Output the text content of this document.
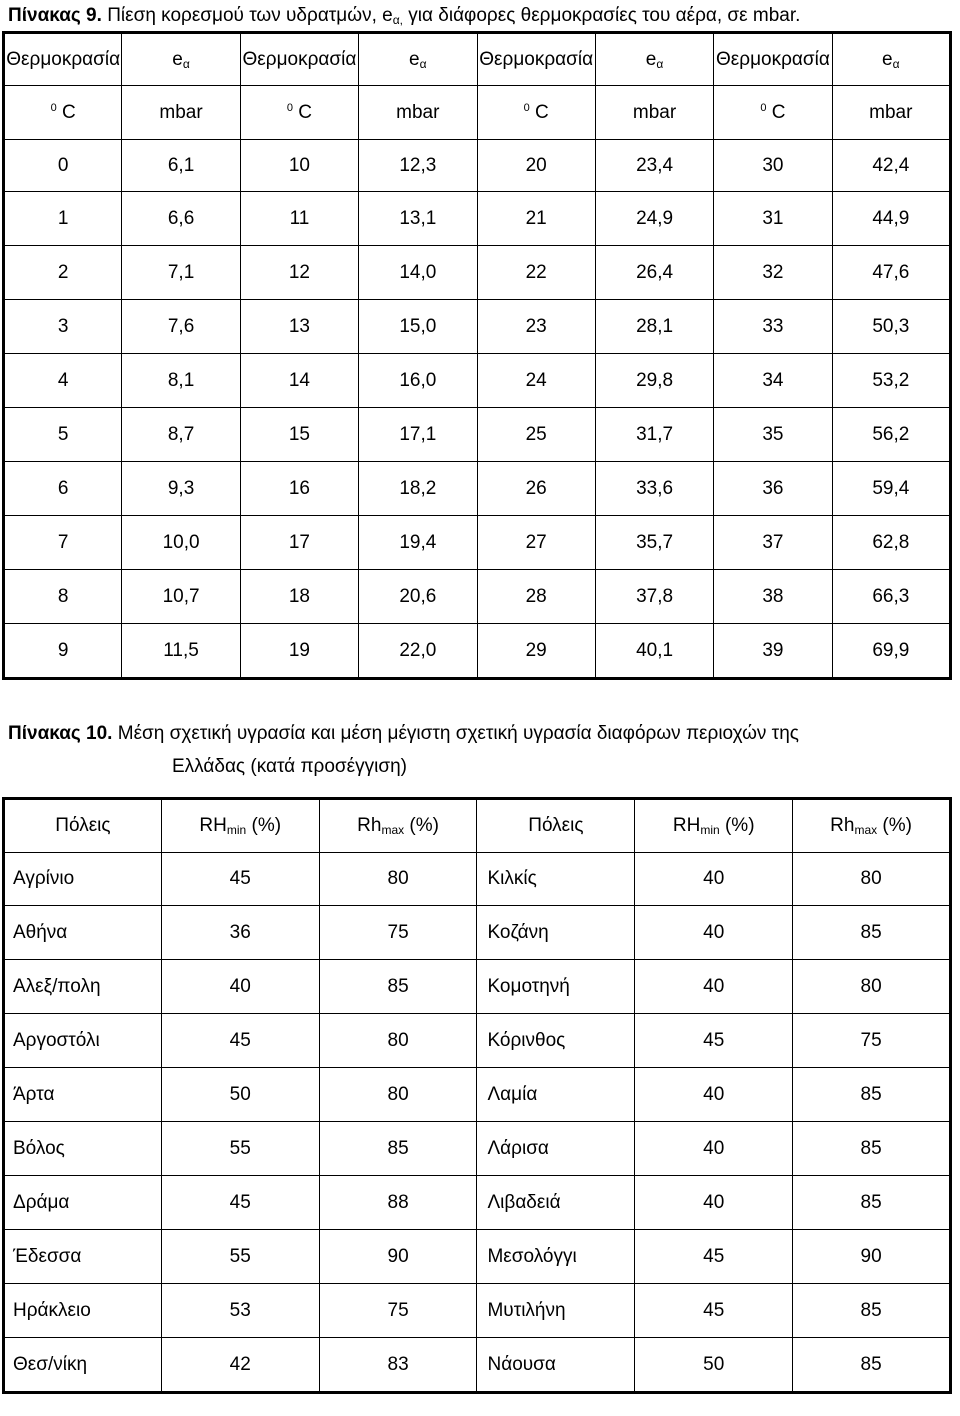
Πίνακας 9. Πίεση κορεσμού των υδρατμών, $e_{\alpha,}$ για διάφορες θερμοκρασίες του αέρα, σε mbar.
Θερμοκρασία	$e_\alpha$	Θερμοκρασία	$e_\alpha$	Θερμοκρασία	$e_\alpha$	Θερμοκρασία	$e_\alpha$
$^0$ C	mbar	$^0$ C	mbar	$^0$ C	mbar	$^0$ C	mbar
0	6,1	10	12,3	20	23,4	30	42,4
1	6,6	11	13,1	21	24,9	31	44,9
2	7,1	12	14,0	22	26,4	32	47,6
3	7,6	13	15,0	23	28,1	33	50,3
4	8,1	14	16,0	24	29,8	34	53,2
5	8,7	15	17,1	25	31,7	35	56,2
6	9,3	16	18,2	26	33,6	36	59,4
7	10,0	17	19,4	27	35,7	37	62,8
8	10,7	18	20,6	28	37,8	38	66,3
9	11,5	19	22,0	29	40,1	39	69,9
Πίνακας 10. Μέση σχετική υγρασία και μέση μέγιστη σχετική υγρασία διαφόρων περιοχών της
Ελλάδας (κατά προσέγγιση)
Πόλεις	$RH_{min}$ (%)	$Rh_{max}$ (%)	Πόλεις	$RH_{min}$ (%)	$Rh_{max}$ (%)
Αγρίνιο	45	80	Κιλκίς	40	80
Αθήνα	36	75	Κοζάνη	40	85
Αλεξ/πολη	40	85	Κομοτηνή	40	80
Αργοστόλι	45	80	Κόρινθος	45	75
Άρτα	50	80	Λαμία	40	85
Βόλος	55	85	Λάρισα	40	85
Δράμα	45	88	Λιβαδειά	40	85
Έδεσσα	55	90	Μεσολόγγι	45	90
Ηράκλειο	53	75	Μυτιλήνη	45	85
Θεσ/νίκη	42	83	Νάουσα	50	85
